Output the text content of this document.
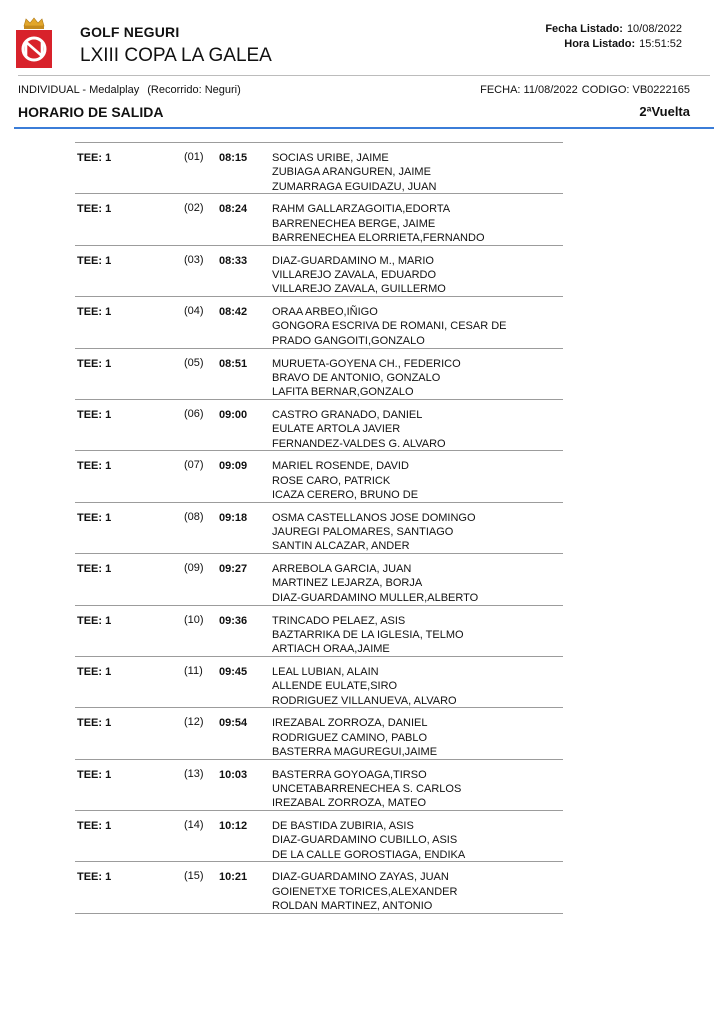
GOLF NEGURI
LXIII COPA LA GALEA
Fecha Listado: 10/08/2022
Hora Listado: 15:51:52
INDIVIDUAL - Medalplay (Recorrido: Neguri)	FECHA: 11/08/2022 CODIGO: VB0222165
HORARIO DE SALIDA	2ªVuelta
TEE: 1	(01) 08:15 SOCIAS URIBE, JAIME
ZUBIAGA ARANGUREN, JAIME
ZUMARRAGA EGUIDAZU, JUAN
TEE: 1	(02) 08:24 RAHM GALLARZAGOITIA,EDORTA
BARRENECHEA BERGE, JAIME
BARRENECHEA ELORRIETA,FERNANDO
TEE: 1	(03) 08:33 DIAZ-GUARDAMINO M., MARIO
VILLAREJO ZAVALA, EDUARDO
VILLAREJO ZAVALA, GUILLERMO
TEE: 1	(04) 08:42 ORAA ARBEO,IÑIGO
GONGORA ESCRIVA DE ROMANI, CESAR DE
PRADO GANGOITI,GONZALO
TEE: 1	(05) 08:51 MURUETA-GOYENA CH., FEDERICO
BRAVO DE ANTONIO, GONZALO
LAFITA BERNAR,GONZALO
TEE: 1	(06) 09:00 CASTRO GRANADO, DANIEL
EULATE ARTOLA JAVIER
FERNANDEZ-VALDES G. ALVARO
TEE: 1	(07) 09:09 MARIEL ROSENDE, DAVID
ROSE CARO, PATRICK
ICAZA CERERO, BRUNO DE
TEE: 1	(08) 09:18 OSMA CASTELLANOS JOSE DOMINGO
JAUREGI PALOMARES, SANTIAGO
SANTIN ALCAZAR, ANDER
TEE: 1	(09) 09:27 ARREBOLA GARCIA, JUAN
MARTINEZ LEJARZA, BORJA
DIAZ-GUARDAMINO MULLER,ALBERTO
TEE: 1	(10) 09:36 TRINCADO PELAEZ, ASIS
BAZTARRIKA DE LA IGLESIA, TELMO
ARTIACH ORAA,JAIME
TEE: 1	(11) 09:45 LEAL LUBIAN, ALAIN
ALLENDE EULATE,SIRO
RODRIGUEZ VILLANUEVA, ALVARO
TEE: 1	(12) 09:54 IREZABAL ZORROZA, DANIEL
RODRIGUEZ CAMINO, PABLO
BASTERRA MAGUREGUI,JAIME
TEE: 1	(13) 10:03 BASTERRA GOYOAGA,TIRSO
UNCETABARRENECHEA S. CARLOS
IREZABAL ZORROZA, MATEO
TEE: 1	(14) 10:12 DE BASTIDA ZUBIRIA, ASIS
DIAZ-GUARDAMINO CUBILLO, ASIS
DE LA CALLE GOROSTIAGA, ENDIKA
TEE: 1	(15) 10:21 DIAZ-GUARDAMINO ZAYAS, JUAN
GOIENETXE TORICES,ALEXANDER
ROLDAN MARTINEZ, ANTONIO
